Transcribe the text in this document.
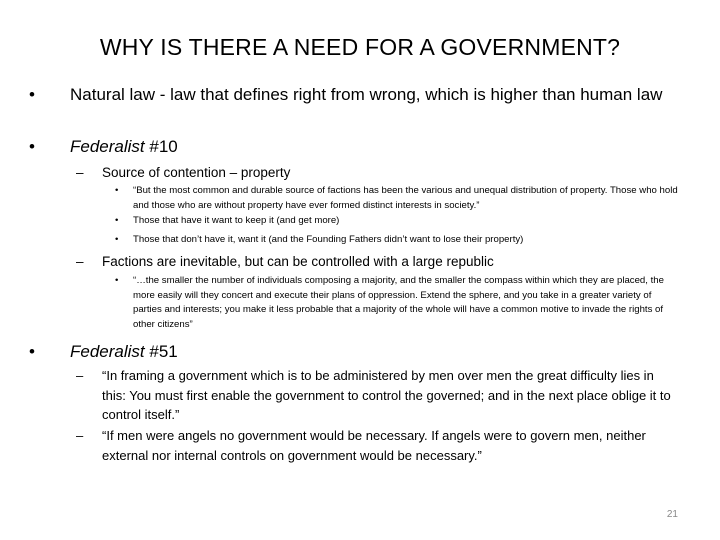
WHY IS THERE A NEED FOR A GOVERNMENT?
• Natural law - law that defines right from wrong, which is higher than human law
• Federalist #10
– Source of contention – property
• “But the most common and durable source of factions has been the various and unequal distribution of property. Those who hold and those who are without property have ever formed distinct interests in society.”
• Those that have it want to keep it (and get more)
• Those that don’t have it, want it (and the Founding Fathers didn’t want to lose their property)
– Factions are inevitable, but can be controlled with a large republic
• “…the smaller the number of individuals composing a majority, and the smaller the compass within which they are placed, the more easily will they concert and execute their plans of oppression. Extend the sphere, and you take in a greater variety of parties and interests; you make it less probable that a majority of the whole will have a common motive to invade the rights of other citizens”
• Federalist #51
– “In framing a government which is to be administered by men over men the great difficulty lies in this: You must first enable the government to control the governed; and in the next place oblige it to control itself.”
– “If men were angels no government would be necessary. If angels were to govern men, neither external nor internal controls on government would be necessary.”
21
